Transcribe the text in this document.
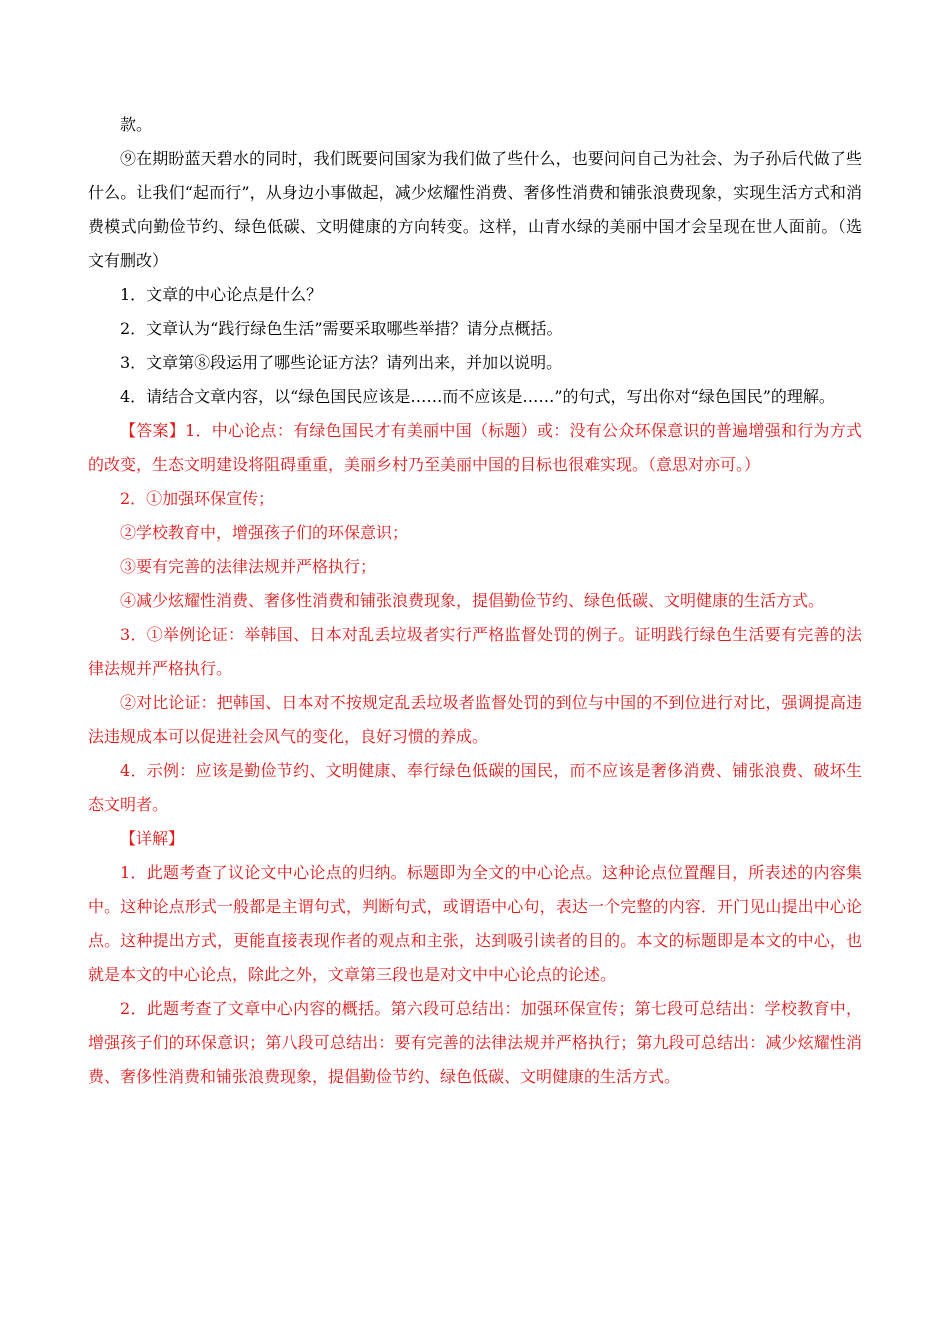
款。

⑨在期盼蓝天碧水的同时，我们既要问国家为我们做了些什么，也要问问自己为社会、为子孙后代做了些什么。让我们“起而行”，从身边小事做起，减少炫耀性消费、奢侈性消费和铺张浪费现象，实现生活方式和消费模式向勤俭节约、绿色低碳、文明健康的方向转变。这样，山青水绿的美丽中国才会呈现在世人面前。（选文有删改）

1．文章的中心论点是什么？

2．文章认为“践行绿色生活”需要采取哪些举措？请分点概括。

3．文章第⑧段运用了哪些论证方法？请列出来，并加以说明。

4．请结合文章内容，以“绿色国民应该是……而不应该是……”的句式，写出你对“绿色国民”的理解。

【答案】1．中心论点：有绿色国民才有美丽中国（标题）或：没有公众环保意识的普遍增强和行为方式的改变，生态文明建设将阻碍重重，美丽乡村乃至美丽中国的目标也很难实现。（意思对亦可。）

2．①加强环保宣传；

②学校教育中，增强孩子们的环保意识；

③要有完善的法律法规并严格执行；

④减少炫耀性消费、奢侈性消费和铺张浪费现象，提倡勤俭节约、绿色低碳、文明健康的生活方式。

3．①举例论证：举韩国、日本对乱丢垃圾者实行严格监督处罚的例子。证明践行绿色生活要有完善的法律法规并严格执行。

②对比论证：把韩国、日本对不按规定乱丢垃圾者监督处罚的到位与中国的不到位进行对比，强调提高违法违规成本可以促进社会风气的变化，良好习惯的养成。

4．示例：应该是勤俭节约、文明健康、奉行绿色低碳的国民，而不应该是奢侈消费、铺张浪费、破坏生态文明者。

【详解】

1．此题考查了议论文中心论点的归纳。标题即为全文的中心论点。这种论点位置醒目，所表述的内容集中。这种论点形式一般都是主谓句式，判断句式，或谓语中心句，表达一个完整的内容．开门见山提出中心论点。这种提出方式，更能直接表现作者的观点和主张，达到吸引读者的目的。本文的标题即是本文的中心，也就是本文的中心论点，除此之外，文章第三段也是对文中中心论点的论述。

2．此题考查了文章中心内容的概括。第六段可总结出：加强环保宣传；第七段可总结出：学校教育中，增强孩子们的环保意识；第八段可总结出：要有完善的法律法规并严格执行；第九段可总结出：减少炫耀性消费、奢侈性消费和铺张浪费现象，提倡勤俭节约、绿色低碳、文明健康的生活方式。
